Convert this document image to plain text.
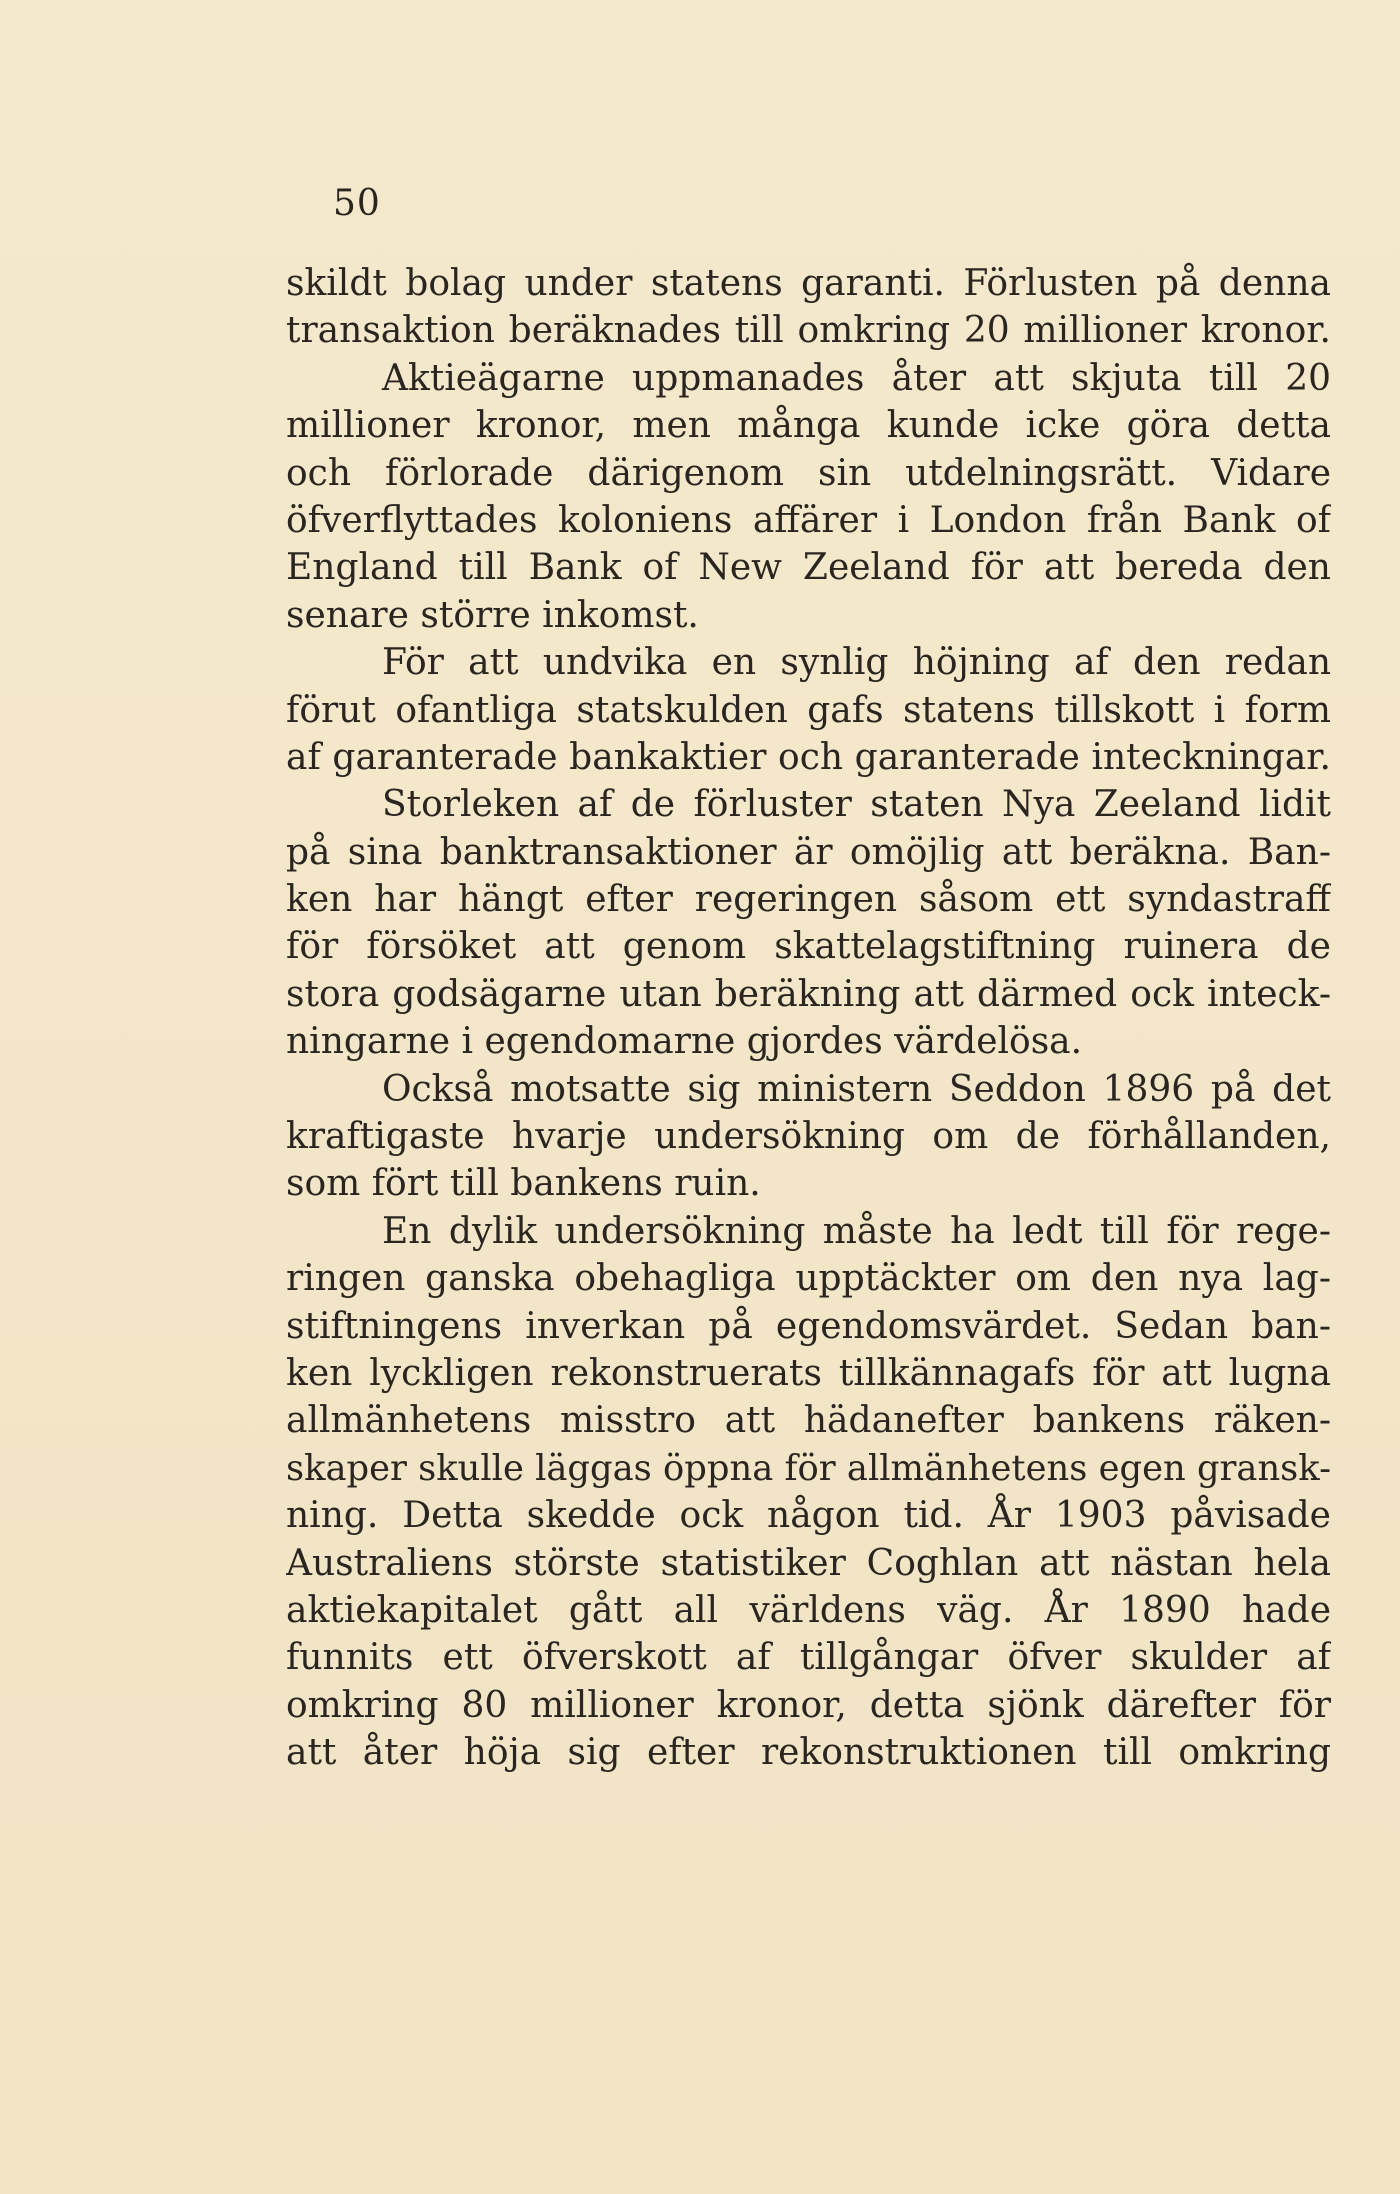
50
skildt bolag under statens garanti. Förlusten på denna
transaktion beräknades till omkring 20 millioner kronor.
Aktieägarne uppmanades åter att skjuta till 20
millioner kronor, men många kunde icke göra detta
och förlorade därigenom sin utdelningsrätt. Vidare
öfverflyttades koloniens affärer i London från Bank of
England till Bank of New Zeeland för att bereda den
senare större inkomst.
För att undvika en synlig höjning af den redan
förut ofantliga statskulden gafs statens tillskott i form
af garanterade bankaktier och garanterade inteckningar.
Storleken af de förluster staten Nya Zeeland lidit
på sina banktransaktioner är omöjlig att beräkna. Ban-
ken har hängt efter regeringen såsom ett syndastraff
för försöket att genom skattelagstiftning ruinera de
stora godsägarne utan beräkning att därmed ock inteck-
ningarne i egendomarne gjordes värdelösa.
Också motsatte sig ministern Seddon 1896 på det
kraftigaste hvarje undersökning om de förhållanden,
som fört till bankens ruin.
En dylik undersökning måste ha ledt till för rege-
ringen ganska obehagliga upptäckter om den nya lag-
stiftningens inverkan på egendomsvärdet. Sedan ban-
ken lyckligen rekonstruerats tillkännagafs för att lugna
allmänhetens misstro att hädanefter bankens räken-
skaper skulle läggas öppna för allmänhetens egen gransk-
ning. Detta skedde ock någon tid. År 1903 påvisade
Australiens störste statistiker Coghlan att nästan hela
aktiekapitalet gått all världens väg. År 1890 hade
funnits ett öfverskott af tillgångar öfver skulder af
omkring 80 millioner kronor, detta sjönk därefter för
att åter höja sig efter rekonstruktionen till omkring
